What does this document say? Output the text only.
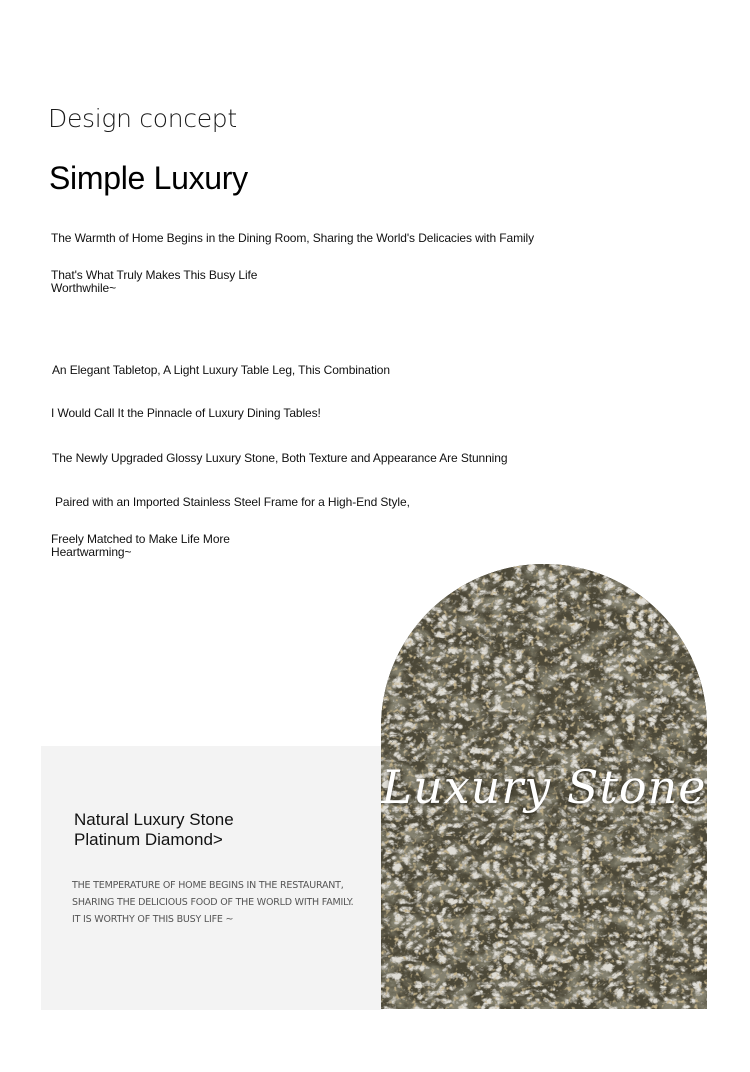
Design concept
Simple Luxury
The Warmth of Home Begins in the Dining Room, Sharing the World's Delicacies with Family
That's What Truly Makes This Busy Life Worthwhile~
An Elegant Tabletop, A Light Luxury Table Leg, This Combination
I Would Call It the Pinnacle of Luxury Dining Tables!
The Newly Upgraded Glossy Luxury Stone, Both Texture and Appearance Are Stunning
Paired with an Imported Stainless Steel Frame for a High-End Style,
Freely Matched to Make Life More Heartwarming~
Natural Luxury Stone
Platinum Diamond>
THE TEMPERATURE OF HOME BEGINS IN THE RESTAURANT,
SHARING THE DELICIOUS FOOD OF THE WORLD WITH FAMILY.
IT IS WORTHY OF THIS BUSY LIFE ~
Luxury Stone
